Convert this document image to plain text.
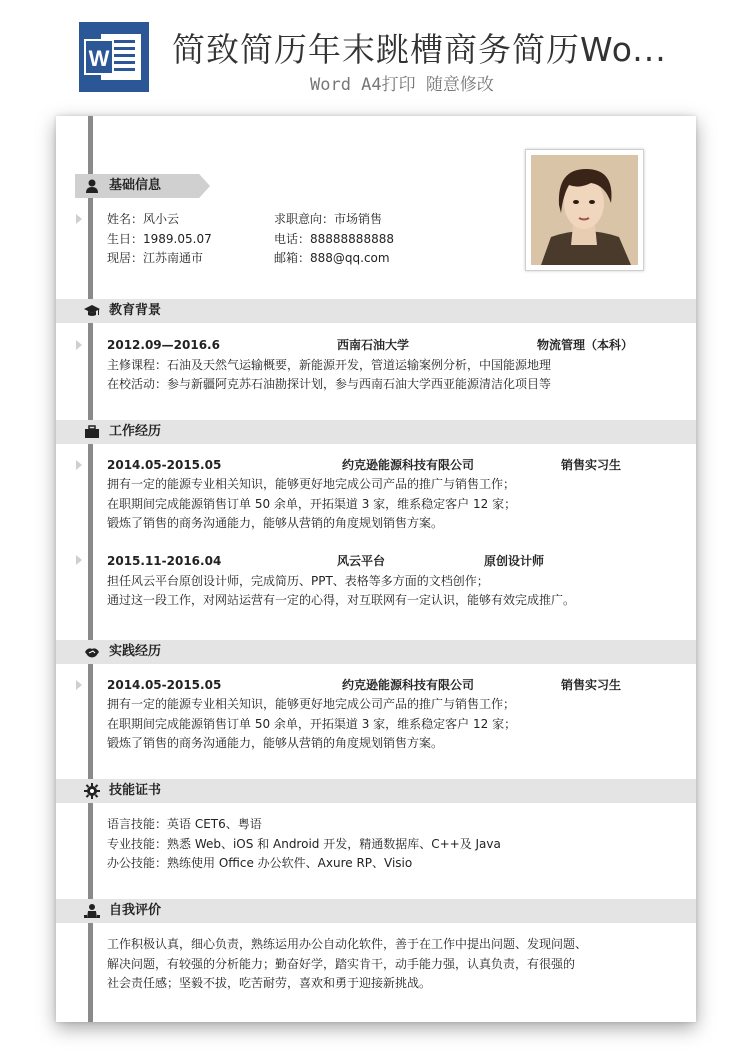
W 简致简历年末跳槽商务简历Wo...
Word A4打印 随意修改
基础信息
姓名：风小云
生日：1989.05.07
现居：江苏南通市
求职意向：市场销售
电话：88888888888
邮箱：888@qq.com
教育背景
2012.09—2016.6	西南石油大学	物流管理（本科）
主修课程：石油及天然气运输概要，新能源开发，管道运输案例分析，中国能源地理
在校活动：参与新疆阿克苏石油勘探计划，参与西南石油大学西亚能源清洁化项目等
工作经历
2014.05-2015.05	约克逊能源科技有限公司	销售实习生
拥有一定的能源专业相关知识，能够更好地完成公司产品的推广与销售工作；
在职期间完成能源销售订单 50 余单，开拓渠道 3 家，维系稳定客户 12 家；
锻炼了销售的商务沟通能力，能够从营销的角度规划销售方案。
2015.11-2016.04	风云平台	原创设计师
担任风云平台原创设计师，完成简历、PPT、表格等多方面的文档创作；
通过这一段工作，对网站运营有一定的心得，对互联网有一定认识，能够有效完成推广。
实践经历
2014.05-2015.05	约克逊能源科技有限公司	销售实习生
拥有一定的能源专业相关知识，能够更好地完成公司产品的推广与销售工作；
在职期间完成能源销售订单 50 余单，开拓渠道 3 家，维系稳定客户 12 家；
锻炼了销售的商务沟通能力，能够从营销的角度规划销售方案。
技能证书
语言技能：英语 CET6、粤语
专业技能：熟悉 Web、iOS 和 Android 开发，精通数据库、C++及 Java
办公技能：熟练使用 Office 办公软件、Axure RP、Visio
自我评价
工作积极认真，细心负责，熟练运用办公自动化软件，善于在工作中提出问题、发现问题、
解决问题，有较强的分析能力；勤奋好学，踏实肯干，动手能力强，认真负责，有很强的
社会责任感；坚毅不拔，吃苦耐劳，喜欢和勇于迎接新挑战。
